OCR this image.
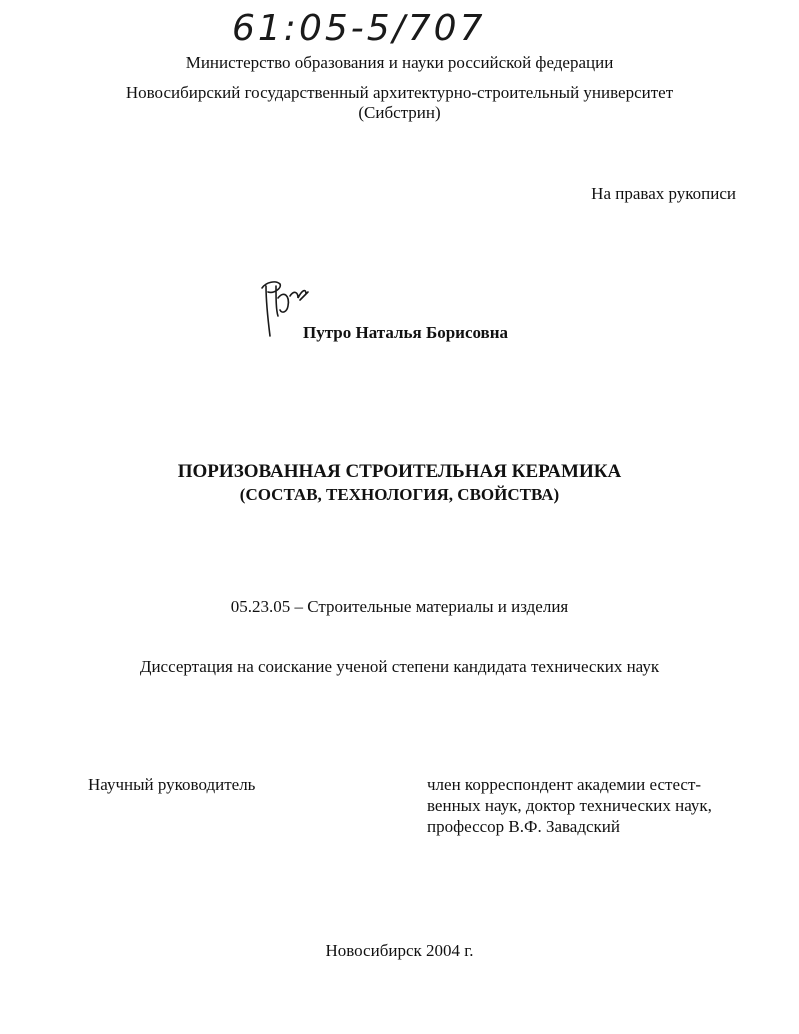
61:05-5/707
Министерство образования и науки российской федерации
Новосибирский государственный архитектурно-строительный университет
(Сибстрин)
На правах рукописи
Путро Наталья Борисовна
ПОРИЗОВАННАЯ СТРОИТЕЛЬНАЯ КЕРАМИКА
(СОСТАВ, ТЕХНОЛОГИЯ, СВОЙСТВА)
05.23.05 – Строительные материалы и изделия
Диссертация на соискание ученой степени кандидата технических наук
Научный руководитель	член корреспондент академии естест-
венных наук, доктор технических наук,
профессор В.Ф. Завадский
Новосибирск 2004 г.
